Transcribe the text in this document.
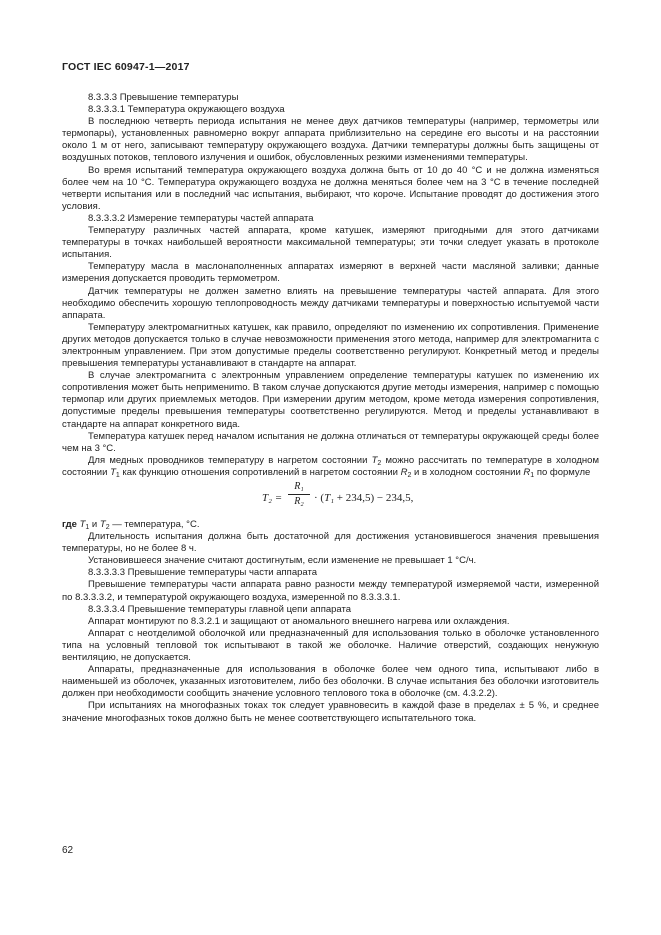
ГОСТ IEC 60947-1—2017

8.3.3.3 Превышение температуры

8.3.3.3.1 Температура окружающего воздуха

В последнюю четверть периода испытания не менее двух датчиков температуры (например, термометры или термопары), установленных равномерно вокруг аппарата приблизительно на середине его высоты и на расстоянии около 1 м от него, записывают температуру окружающего воздуха. Датчики температуры должны быть защищены от воздушных потоков, теплового излучения и ошибок, обусловленных резкими изменениями температуры.

Во время испытаний температура окружающего воздуха должна быть от 10 до 40 °С и не должна изменяться более чем на 10 °С. Температура окружающего воздуха не должна меняться более чем на 3 °С в течение последней четверти испытания или в последний час испытания, выбирают, что короче. Испытание проводят до достижения этого условия.

8.3.3.3.2 Измерение температуры частей аппарата

Температуру различных частей аппарата, кроме катушек, измеряют пригодными для этого датчиками температуры в точках наибольшей вероятности максимальной температуры; эти точки следует указать в протоколе испытания.

Температуру масла в маслонаполненных аппаратах измеряют в верхней части масляной заливки; данные измерения допускается проводить термометром.

Датчик температуры не должен заметно влиять на превышение температуры частей аппарата. Для этого необходимо обеспечить хорошую теплопроводность между датчиками температуры и поверхностью испытуемой части аппарата.

Температуру электромагнитных катушек, как правило, определяют по изменению их сопротивления. Применение других методов допускается только в случае невозможности применения этого метода, например для электромагнита с электронным управлением. При этом допустимые пределы соответственно регулируют. Конкретный метод и пределы превышения температуры устанавливают в стандарте на аппарат.

В случае электромагнита с электронным управлением определение температуры катушек по изменению их сопротивления может быть непримениmo. В таком случае допускаются другие методы измерения, например с помощью термопар или других приемлемых методов. При измерении другим методом, кроме метода измерения сопротивления, допустимые пределы превышения температуры соответственно регулируются. Метод и пределы устанавливают в стандарте на аппарат конкретного вида.

Температура катушек перед началом испытания не должна отличаться от температуры окружающей среды более чем на 3 °С.

Для медных проводников температуру в нагретом состоянии $T_2$ можно рассчитать по температуре в холодном состоянии $T_1$ как функцию отношения сопротивлений в нагретом состоянии $R_2$ и в холодном состоянии $R_1$ по формуле

$T_2 = \frac{\text{R₁}}{\text{R₂}} \cdot (T_1 + 234,5) - 234,5$,

где $T_1$ и $T_2$ — температура, °С.

Длительность испытания должна быть достаточной для достижения установившегося значения превышения температуры, но не более 8 ч.

Установившееся значение считают достигнутым, если изменение не превышает 1 °С/ч.

8.3.3.3.3 Превышение температуры части аппарата

Превышение температуры части аппарата равно разности между температурой измеряемой части, измеренной по 8.3.3.3.2, и температурой окружающего воздуха, измеренной по 8.3.3.3.1.

8.3.3.3.4 Превышение температуры главной цепи аппарата

Аппарат монтируют по 8.3.2.1 и защищают от аномального внешнего нагрева или охлаждения.

Аппарат с неотделимой оболочкой или предназначенный для использования только в оболочке установленного типа на условный тепловой ток испытывают в такой же оболочке. Наличие отверстий, создающих ненужную вентиляцию, не допускается.

Аппараты, предназначенные для использования в оболочке более чем одного типа, испытывают либо в наименьшей из оболочек, указанных изготовителем, либо без оболочки. В случае испытания без оболочки изготовитель должен при необходимости сообщить значение условного теплового тока в оболочке (см. 4.3.2.2).

При испытаниях на многофазных токах ток следует уравновесить в каждой фазе в пределах ± 5 %, и среднее значение многофазных токов должно быть не менее соответствующего испытательного тока.

62
